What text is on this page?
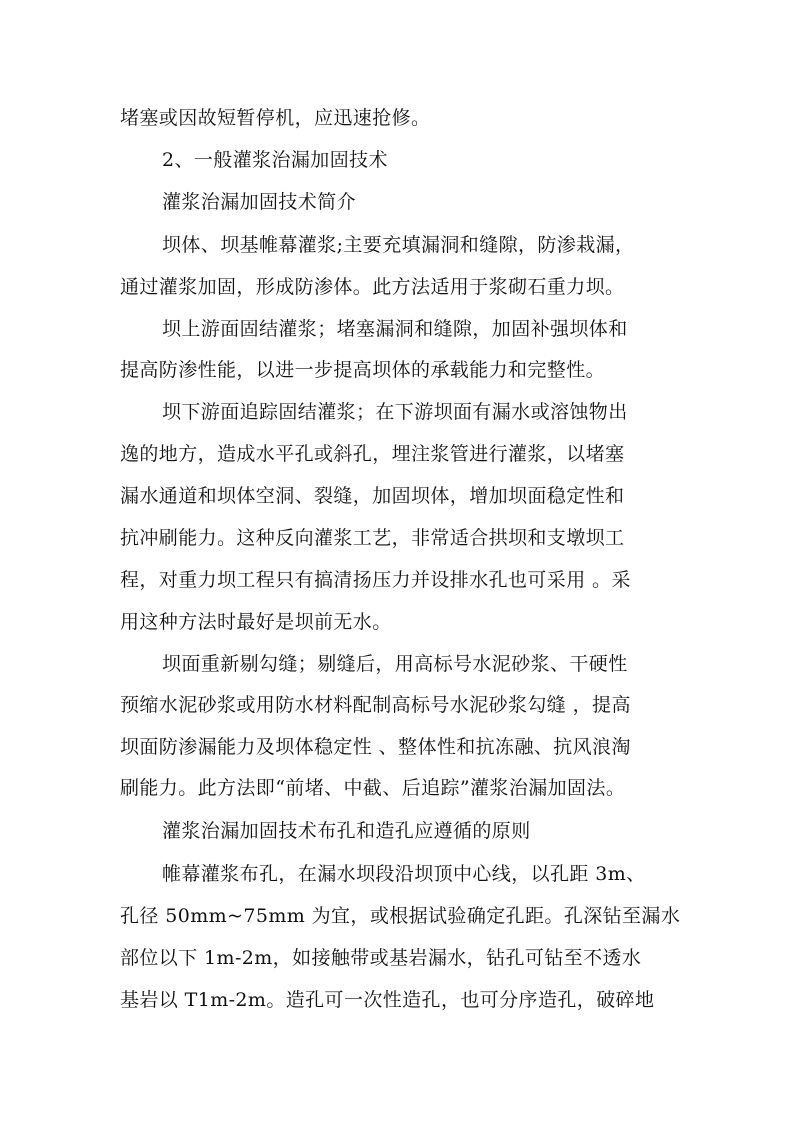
堵塞或因故短暂停机，应迅速抢修。
2、一般灌浆治漏加固技术
灌浆治漏加固技术简介
坝体、坝基帷幕灌浆;主要充填漏洞和缝隙，防渗栽漏，
通过灌浆加固，形成防渗体。此方法适用于浆砌石重力坝。
坝上游面固结灌浆；堵塞漏洞和缝隙，加固补强坝体和
提高防渗性能，以进一步提高坝体的承载能力和完整性。
坝下游面追踪固结灌浆；在下游坝面有漏水或溶蚀物出
逸的地方，造成水平孔或斜孔，埋注浆管进行灌浆，以堵塞
漏水通道和坝体空洞、裂缝，加固坝体，增加坝面稳定性和
抗冲刷能力。这种反向灌浆工艺，非常适合拱坝和支墩坝工
程，对重力坝工程只有搞清扬压力并设排水孔也可采用 。采
用这种方法时最好是坝前无水。
坝面重新剔勾缝；剔缝后，用高标号水泥砂浆、干硬性
预缩水泥砂浆或用防水材料配制高标号水泥砂浆勾缝 ，提高
坝面防渗漏能力及坝体稳定性 、整体性和抗冻融、抗风浪淘
刷能力。此方法即“前堵、中截、后追踪”灌浆治漏加固法。
灌浆治漏加固技术布孔和造孔应遵循的原则
帷幕灌浆布孔，在漏水坝段沿坝顶中心线，以孔距 3m、
孔径 50mm~75mm 为宜，或根据试验确定孔距。孔深钻至漏水
部位以下 1m-2m，如接触带或基岩漏水，钻孔可钻至不透水
基岩以 T1m-2m。造孔可一次性造孔，也可分序造孔，破碎地
